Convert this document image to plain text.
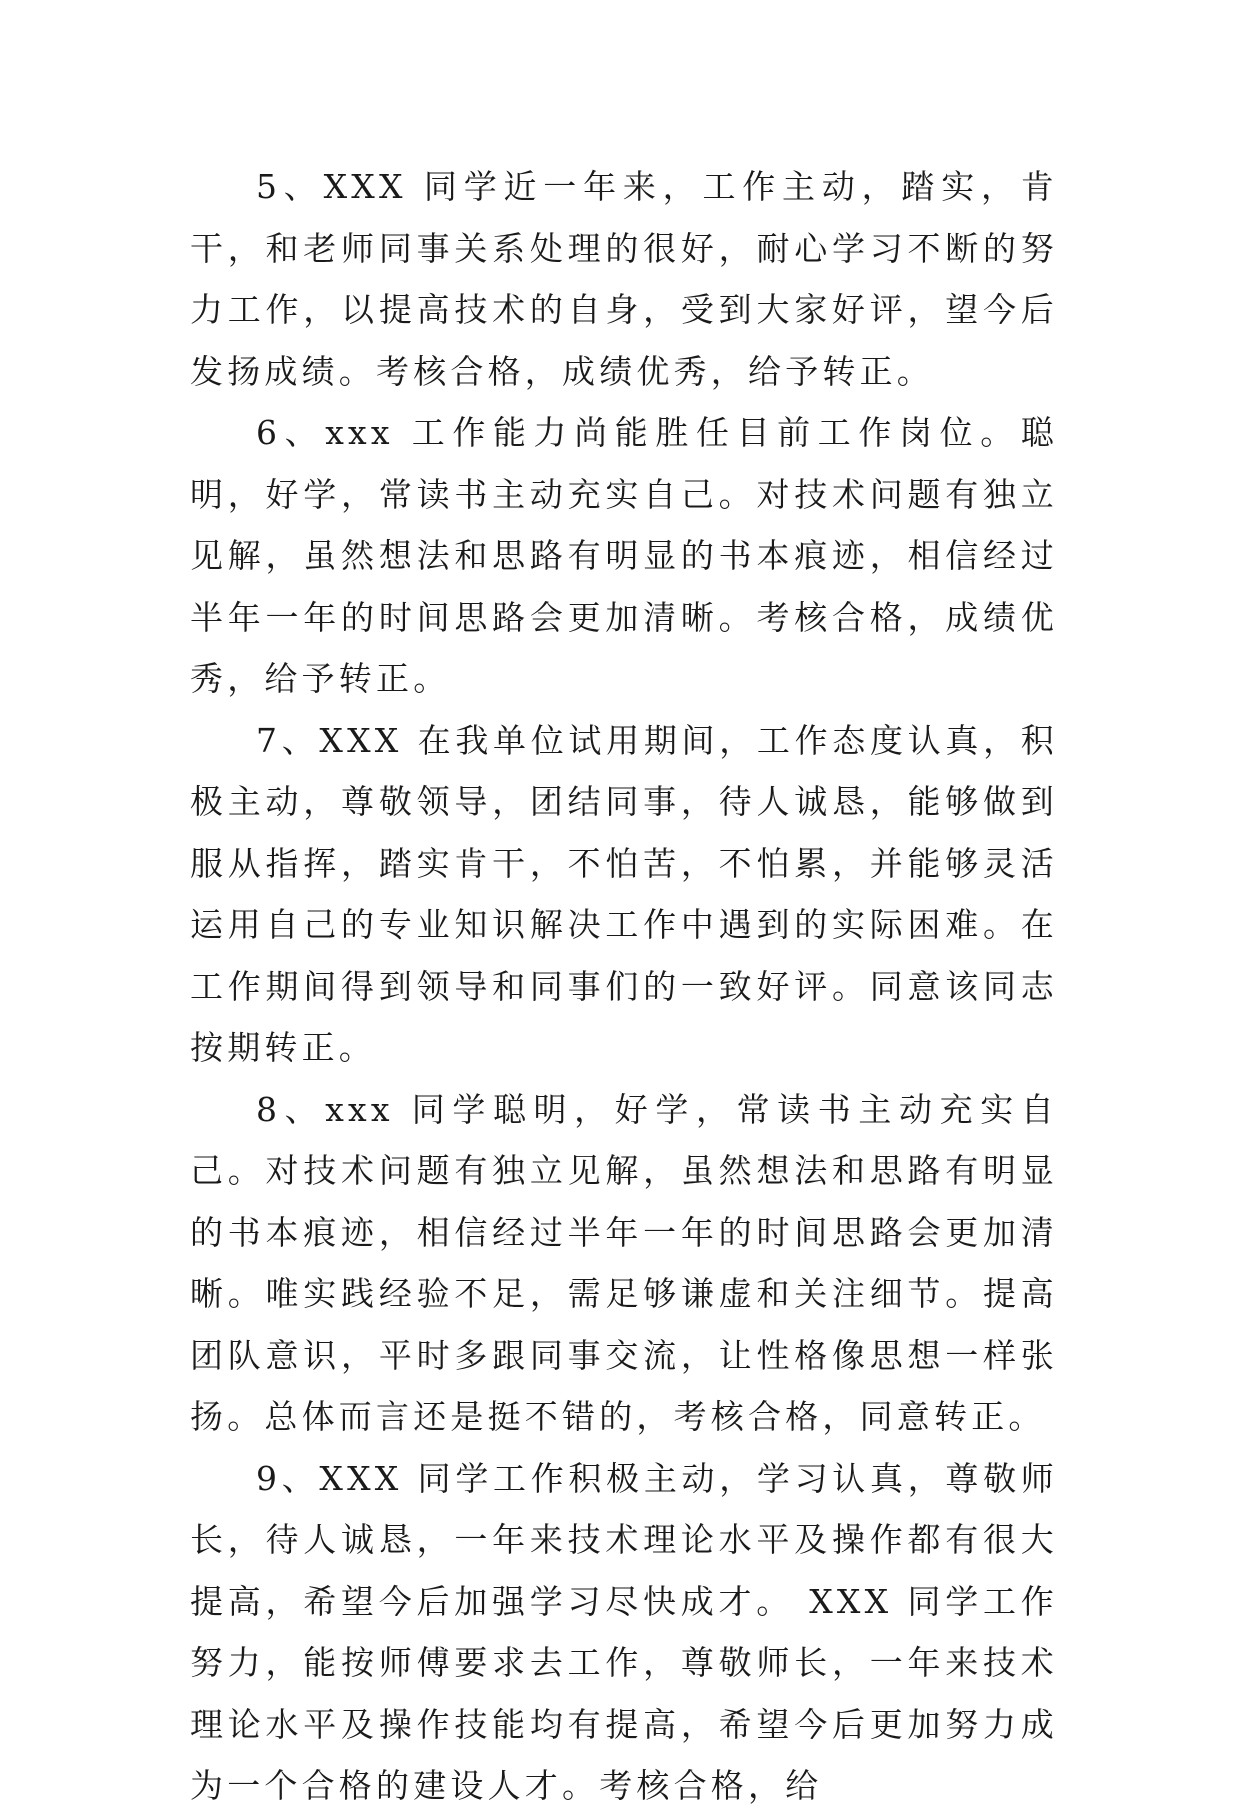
5、XXX 同学近一年来，工作主动，踏实，肯干，和老师同事关系处理的很好，耐心学习不断的努力工作，以提高技术的自身，受到大家好评，望今后发扬成绩。考核合格，成绩优秀，给予转正。

6、xxx 工作能力尚能胜任目前工作岗位。聪明，好学，常读书主动充实自己。对技术问题有独立见解，虽然想法和思路有明显的书本痕迹，相信经过半年一年的时间思路会更加清晰。考核合格，成绩优秀，给予转正。

7、XXX 在我单位试用期间，工作态度认真，积极主动，尊敬领导，团结同事，待人诚恳，能够做到服从指挥，踏实肯干，不怕苦，不怕累，并能够灵活运用自己的专业知识解决工作中遇到的实际困难。在工作期间得到领导和同事们的一致好评。同意该同志按期转正。

8、xxx 同学聪明，好学，常读书主动充实自己。对技术问题有独立见解，虽然想法和思路有明显的书本痕迹，相信经过半年一年的时间思路会更加清晰。唯实践经验不足，需足够谦虚和关注细节。提高团队意识，平时多跟同事交流，让性格像思想一样张扬。总体而言还是挺不错的，考核合格，同意转正。

9、XXX 同学工作积极主动，学习认真，尊敬师长，待人诚恳，一年来技术理论水平及操作都有很大提高，希望今后加强学习尽快成才。 XXX 同学工作努力，能按师傅要求去工作，尊敬师长，一年来技术理论水平及操作技能均有提高，希望今后更加努力成为一个合格的建设人才。考核合格，给
